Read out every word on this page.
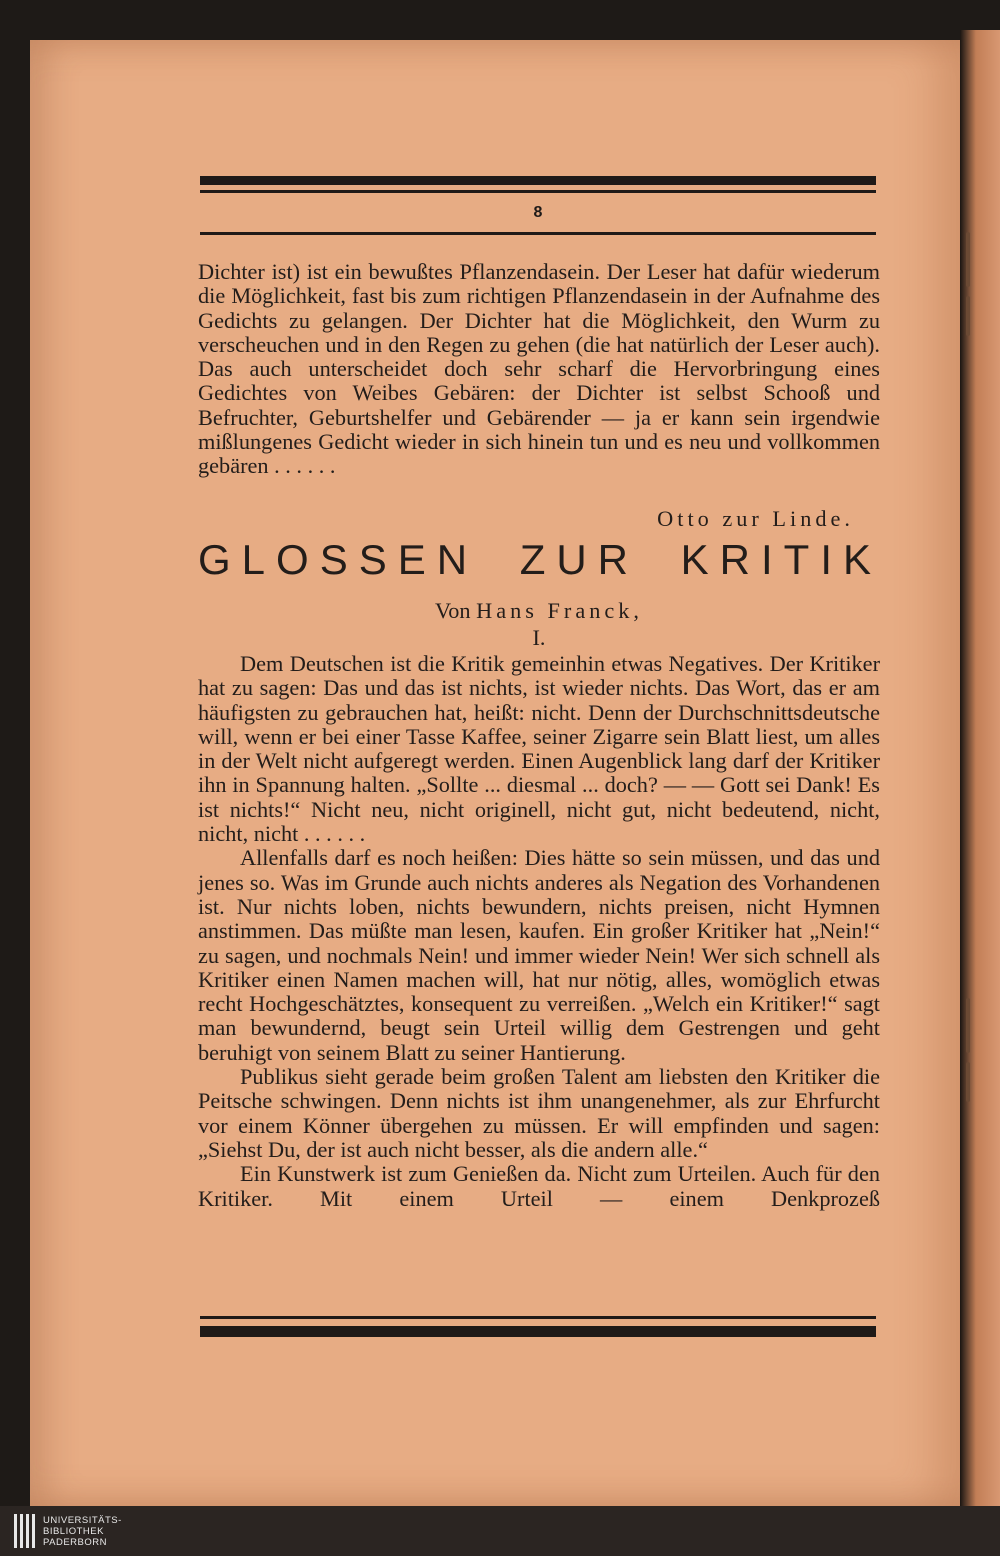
8

Dichter ist) ist ein bewußtes Pflanzendasein. Der Leser hat dafür wiederum die Möglichkeit, fast bis zum richtigen Pflanzendasein in der Aufnahme des Gedichts zu gelangen. Der Dichter hat die Möglichkeit, den Wurm zu verscheuchen und in den Regen zu gehen (die hat natürlich der Leser auch). Das auch unterscheidet doch sehr scharf die Hervorbringung eines Gedichtes von Weibes Gebären: der Dichter ist selbst Schooß und Befruchter, Geburtshelfer und Gebärender — ja er kann sein irgendwie mißlungenes Gedicht wieder in sich hinein tun und es neu und vollkommen gebären . . . . . .

Otto zur Linde.
GLOSSEN ZUR KRITIK
Von Hans Franck,
I.

Dem Deutschen ist die Kritik gemeinhin etwas Negatives. Der Kritiker hat zu sagen: Das und das ist nichts, ist wieder nichts. Das Wort, das er am häufigsten zu gebrauchen hat, heißt: nicht. Denn der Durchschnittsdeutsche will, wenn er bei einer Tasse Kaffee, seiner Zigarre sein Blatt liest, um alles in der Welt nicht aufgeregt werden. Einen Augenblick lang darf der Kritiker ihn in Spannung halten. „Sollte ... diesmal ... doch? — — Gott sei Dank! Es ist nichts!“ Nicht neu, nicht originell, nicht gut, nicht bedeutend, nicht, nicht, nicht . . . . . .

Allenfalls darf es noch heißen: Dies hätte so sein müssen, und das und jenes so. Was im Grunde auch nichts anderes als Negation des Vorhandenen ist. Nur nichts loben, nichts bewundern, nichts preisen, nicht Hymnen anstimmen. Das müßte man lesen, kaufen. Ein großer Kritiker hat „Nein!“ zu sagen, und nochmals Nein! und immer wieder Nein! Wer sich schnell als Kritiker einen Namen machen will, hat nur nötig, alles, womöglich etwas recht Hochgeschätztes, konsequent zu verreißen. „Welch ein Kritiker!“ sagt man bewundernd, beugt sein Urteil willig dem Gestrengen und geht beruhigt von seinem Blatt zu seiner Hantierung.

Publikus sieht gerade beim großen Talent am liebsten den Kritiker die Peitsche schwingen. Denn nichts ist ihm unangenehmer, als zur Ehrfurcht vor einem Könner übergehen zu müssen. Er will empfinden und sagen: „Siehst Du, der ist auch nicht besser, als die andern alle.“

Ein Kunstwerk ist zum Genießen da. Nicht zum Urteilen. Auch für den Kritiker. Mit einem Urteil — einem Denkprozeß

UNIVERSITÄTS-
BIBLIOTHEK
PADERBORN
